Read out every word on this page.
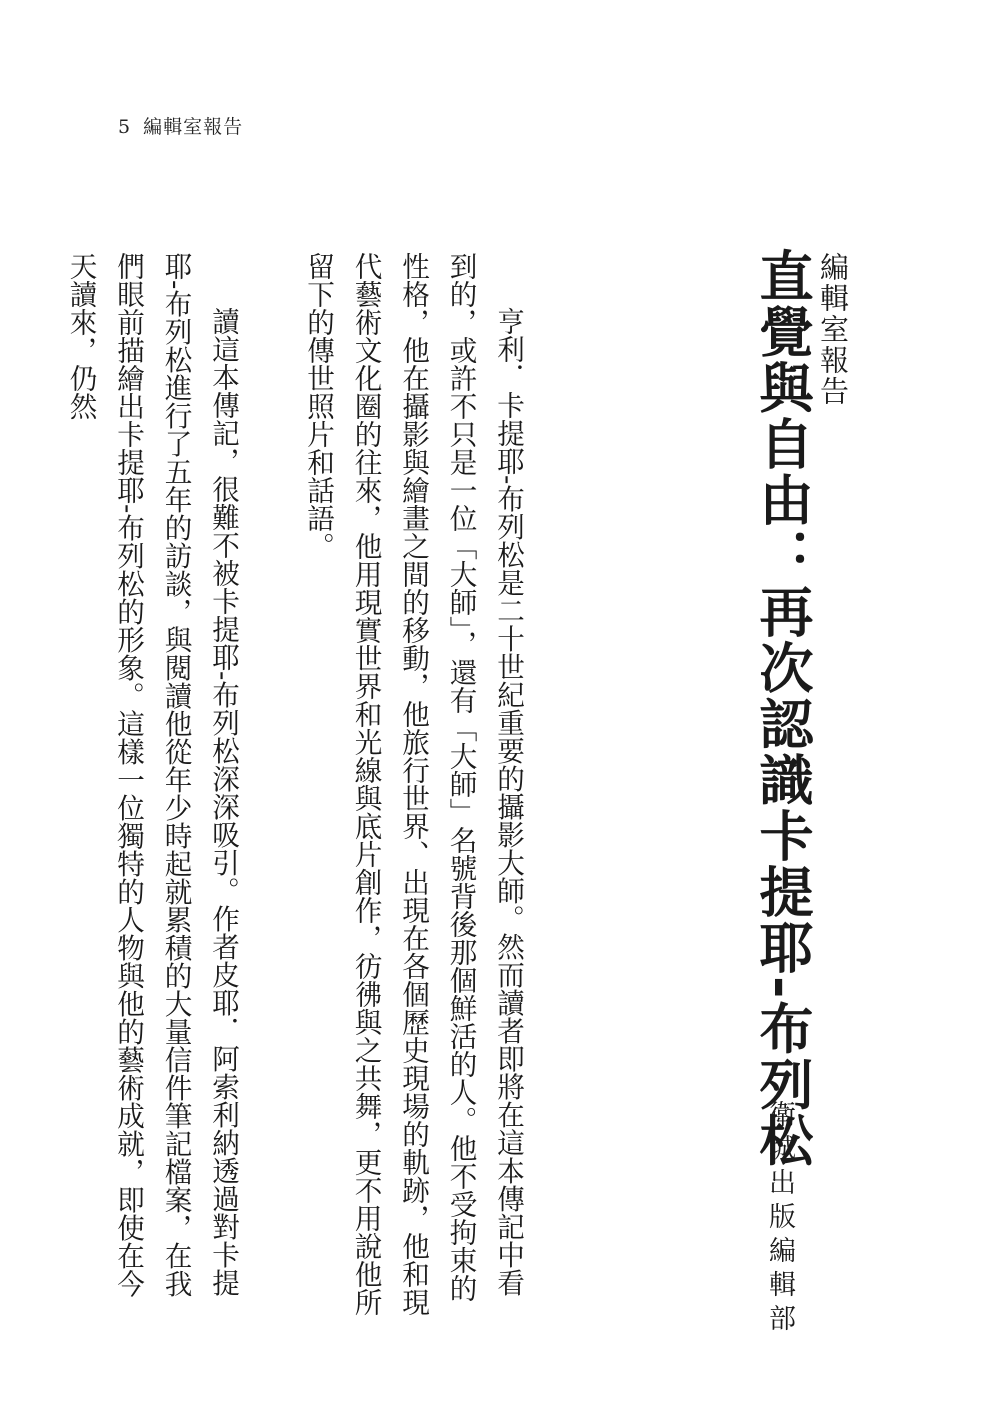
5 編輯室報告
編輯室報告
直覺與自由：再次認識卡提耶-布列松
衛城出版編輯部

亨利．卡提耶-布列松是二十世紀重要的攝影大師。然而讀者即將在這本傳記中看到的，或許不只是一位「大師」，還有「大師」名號背後那個鮮活的人。他不受拘束的性格，他在攝影與繪畫之間的移動，他旅行世界、出現在各個歷史現場的軌跡，他和現代藝術文化圈的往來，他用現實世界和光線與底片創作，彷彿與之共舞，更不用說他所留下的傳世照片和話語。

讀這本傳記，很難不被卡提耶-布列松深深吸引。作者皮耶．阿索利納透過對卡提耶-布列松進行了五年的訪談，與閱讀他從年少時起就累積的大量信件筆記檔案，在我們眼前描繪出卡提耶-布列松的形象。這樣一位獨特的人物與他的藝術成就，即使在今天讀來，仍然
